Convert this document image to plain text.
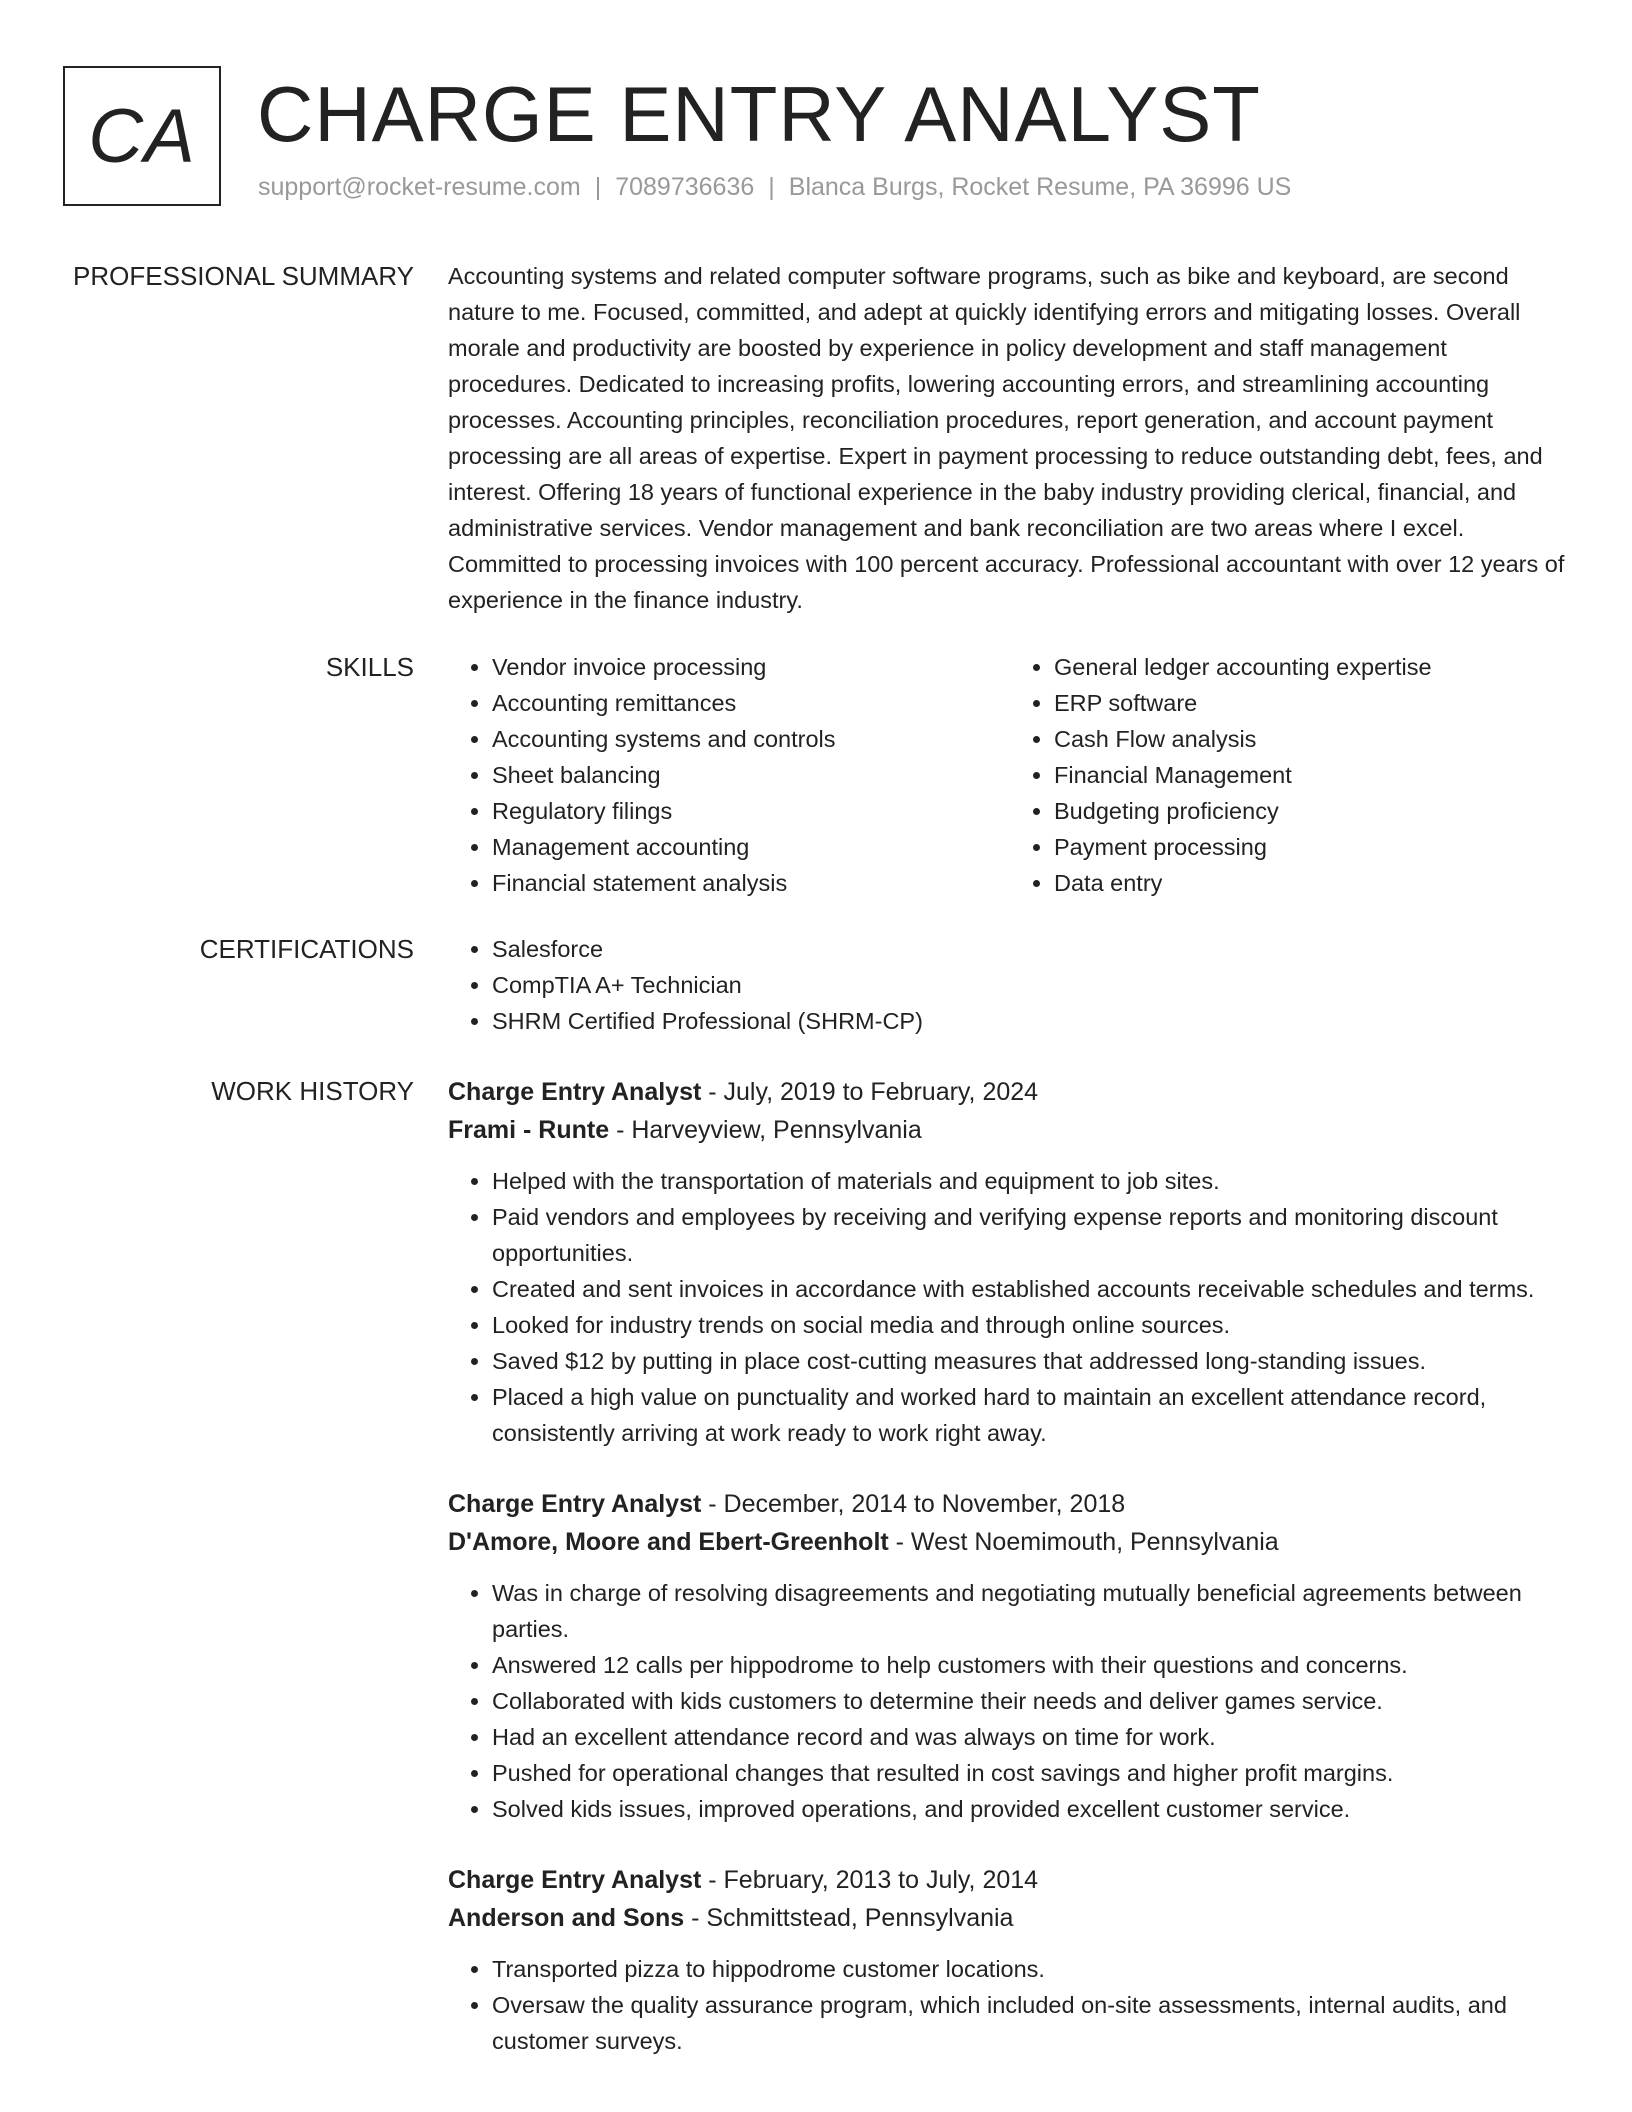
CA CHARGE ENTRY ANALYST
support@rocket-resume.com | 7089736636 | Blanca Burgs, Rocket Resume, PA 36996 US
PROFESSIONAL SUMMARY Accounting systems and related computer software programs, such as bike and keyboard, are second nature to me. Focused, committed, and adept at quickly identifying errors and mitigating losses. Overall morale and productivity are boosted by experience in policy development and staff management procedures. Dedicated to increasing profits, lowering accounting errors, and streamlining accounting processes. Accounting principles, reconciliation procedures, report generation, and account payment processing are all areas of expertise. Expert in payment processing to reduce outstanding debt, fees, and interest. Offering 18 years of functional experience in the baby industry providing clerical, financial, and administrative services. Vendor management and bank reconciliation are two areas where I excel. Committed to processing invoices with 100 percent accuracy. Professional accountant with over 12 years of experience in the finance industry.

SKILLS	• Vendor invoice processing
• Accounting remittances
• Accounting systems and controls
• Sheet balancing
• Regulatory filings
• Management accounting
• Financial statement analysis
• General ledger accounting expertise
• ERP software
• Cash Flow analysis
• Financial Management
• Budgeting proficiency
• Payment processing
• Data entry
CERTIFICATIONS	• Salesforce
• CompTIA A+ Technician
• SHRM Certified Professional (SHRM-CP)
WORK HISTORY Charge Entry Analyst - July, 2019 to February, 2024
Frami - Runte - Harveyview, Pennsylvania
• Helped with the transportation of materials and equipment to job sites.
• Paid vendors and employees by receiving and verifying expense reports and monitoring discount opportunities.
• Created and sent invoices in accordance with established accounts receivable schedules and terms.
• Looked for industry trends on social media and through online sources.
• Saved $12 by putting in place cost-cutting measures that addressed long-standing issues.
• Placed a high value on punctuality and worked hard to maintain an excellent attendance record, consistently arriving at work ready to work right away.
Charge Entry Analyst - December, 2014 to November, 2018
D'Amore, Moore and Ebert-Greenholt - West Noemimouth, Pennsylvania
• Was in charge of resolving disagreements and negotiating mutually beneficial agreements between parties.
• Answered 12 calls per hippodrome to help customers with their questions and concerns.
• Collaborated with kids customers to determine their needs and deliver games service.
• Had an excellent attendance record and was always on time for work.
• Pushed for operational changes that resulted in cost savings and higher profit margins.
• Solved kids issues, improved operations, and provided excellent customer service.
Charge Entry Analyst - February, 2013 to July, 2014
Anderson and Sons - Schmittstead, Pennsylvania
• Transported pizza to hippodrome customer locations.
• Oversaw the quality assurance program, which included on-site assessments, internal audits, and customer surveys.
